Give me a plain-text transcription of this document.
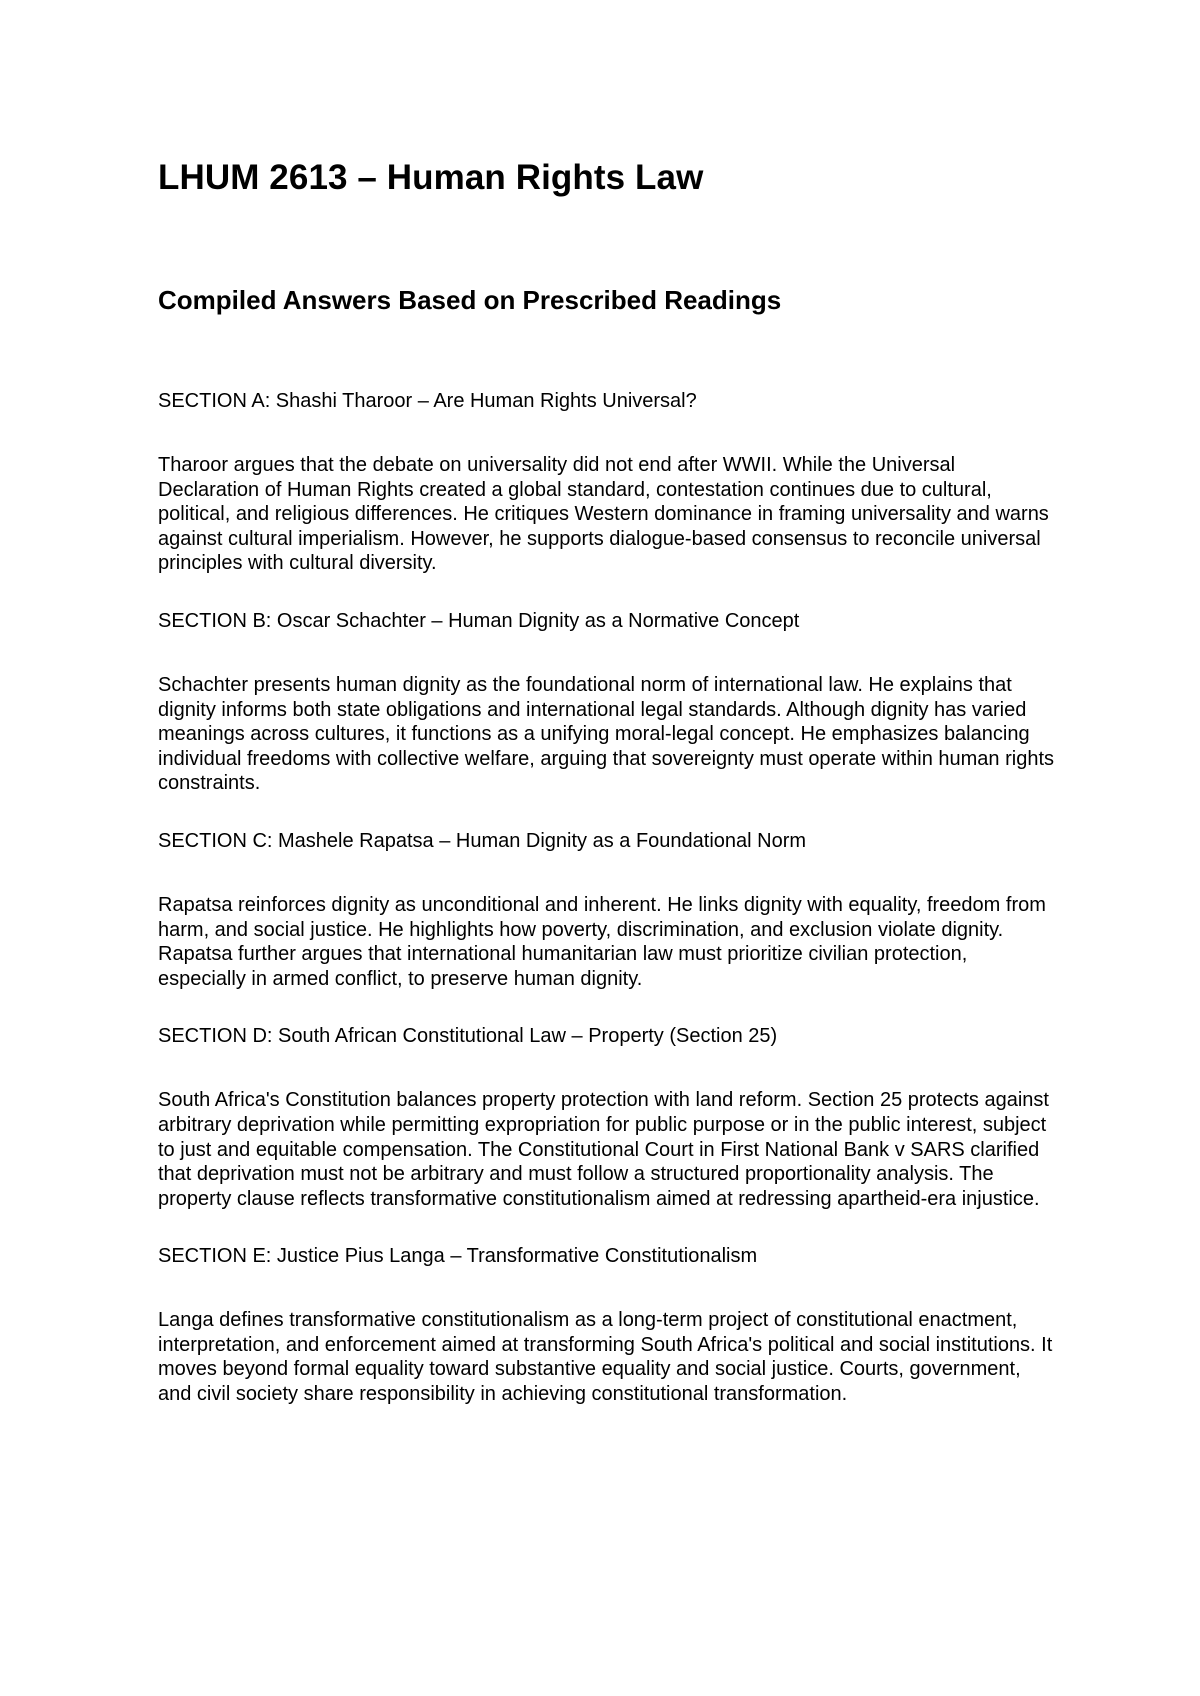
LHUM 2613 – Human Rights Law
Compiled Answers Based on Prescribed Readings

SECTION A: Shashi Tharoor – Are Human Rights Universal?

Tharoor argues that the debate on universality did not end after WWII. While the Universal Declaration of Human Rights created a global standard, contestation continues due to cultural, political, and religious differences. He critiques Western dominance in framing universality and warns against cultural imperialism. However, he supports dialogue-based consensus to reconcile universal principles with cultural diversity.

SECTION B: Oscar Schachter – Human Dignity as a Normative Concept

Schachter presents human dignity as the foundational norm of international law. He explains that dignity informs both state obligations and international legal standards. Although dignity has varied meanings across cultures, it functions as a unifying moral-legal concept. He emphasizes balancing individual freedoms with collective welfare, arguing that sovereignty must operate within human rights constraints.

SECTION C: Mashele Rapatsa – Human Dignity as a Foundational Norm

Rapatsa reinforces dignity as unconditional and inherent. He links dignity with equality, freedom from harm, and social justice. He highlights how poverty, discrimination, and exclusion violate dignity. Rapatsa further argues that international humanitarian law must prioritize civilian protection, especially in armed conflict, to preserve human dignity.

SECTION D: South African Constitutional Law – Property (Section 25)

South Africa's Constitution balances property protection with land reform. Section 25 protects against arbitrary deprivation while permitting expropriation for public purpose or in the public interest, subject to just and equitable compensation. The Constitutional Court in First National Bank v SARS clarified that deprivation must not be arbitrary and must follow a structured proportionality analysis. The property clause reflects transformative constitutionalism aimed at redressing apartheid-era injustice.

SECTION E: Justice Pius Langa – Transformative Constitutionalism

Langa defines transformative constitutionalism as a long-term project of constitutional enactment, interpretation, and enforcement aimed at transforming South Africa's political and social institutions. It moves beyond formal equality toward substantive equality and social justice. Courts, government, and civil society share responsibility in achieving constitutional transformation.
